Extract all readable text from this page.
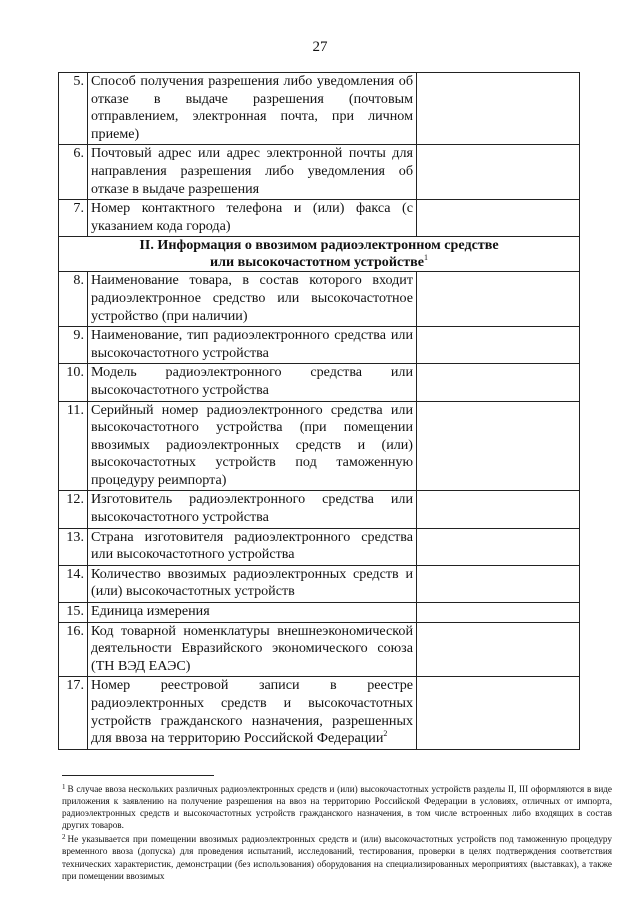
27
5.	Способ получения разрешения либо уведомления об отказе в выдаче разрешения (почтовым отправлением, электронная почта, при личном приеме)	
6.	Почтовый адрес или адрес электронной почты для направления разрешения либо уведомления об отказе в выдаче разрешения	
7.	Номер контактного телефона и (или) факса (с указанием кода города)	

II. Информация о ввозимом радиоэлектронном средстве
или высокочастотном устройстве$^1$

8.	Наименование товара, в состав которого входит радиоэлектронное средство или высокочастотное устройство (при наличии)	
9.	Наименование, тип радиоэлектронного средства или высокочастотного устройства	
10.	Модель радиоэлектронного средства или высокочастотного устройства	
11.	Серийный номер радиоэлектронного средства или высокочастотного устройства (при помещении ввозимых радиоэлектронных средств и (или) высокочастотных устройств под таможенную процедуру реимпорта)	
12.	Изготовитель радиоэлектронного средства или высокочастотного устройства	
13.	Страна изготовителя радиоэлектронного средства или высокочастотного устройства	
14.	Количество ввозимых радиоэлектронных средств и (или) высокочастотных устройств	
15.	Единица измерения	
16.	Код товарной номенклатуры внешнеэкономической деятельности Евразийского экономического союза (ТН ВЭД ЕАЭС)	
17.	Номер реестровой записи в реестре радиоэлектронных средств и высокочастотных устройств гражданского назначения, разрешенных для ввоза на территорию Российской Федерации$^2$	

$^1$ В случае ввоза нескольких различных радиоэлектронных средств и (или) высокочастотных устройств разделы II, III оформляются в виде приложения к заявлению на получение разрешения на ввоз на территорию Российской Федерации в условиях, отличных от импорта, радиоэлектронных средств и высокочастотных устройств гражданского назначения, в том числе встроенных либо входящих в состав других товаров.

$^2$ Не указывается при помещении ввозимых радиоэлектронных средств и (или) высокочастотных устройств под таможенную процедуру временного ввоза (допуска) для проведения испытаний, исследований, тестирования, проверки в целях подтверждения соответствия технических характеристик, демонстрации (без использования) оборудования на специализированных мероприятиях (выставках), а также при помещении ввозимых
